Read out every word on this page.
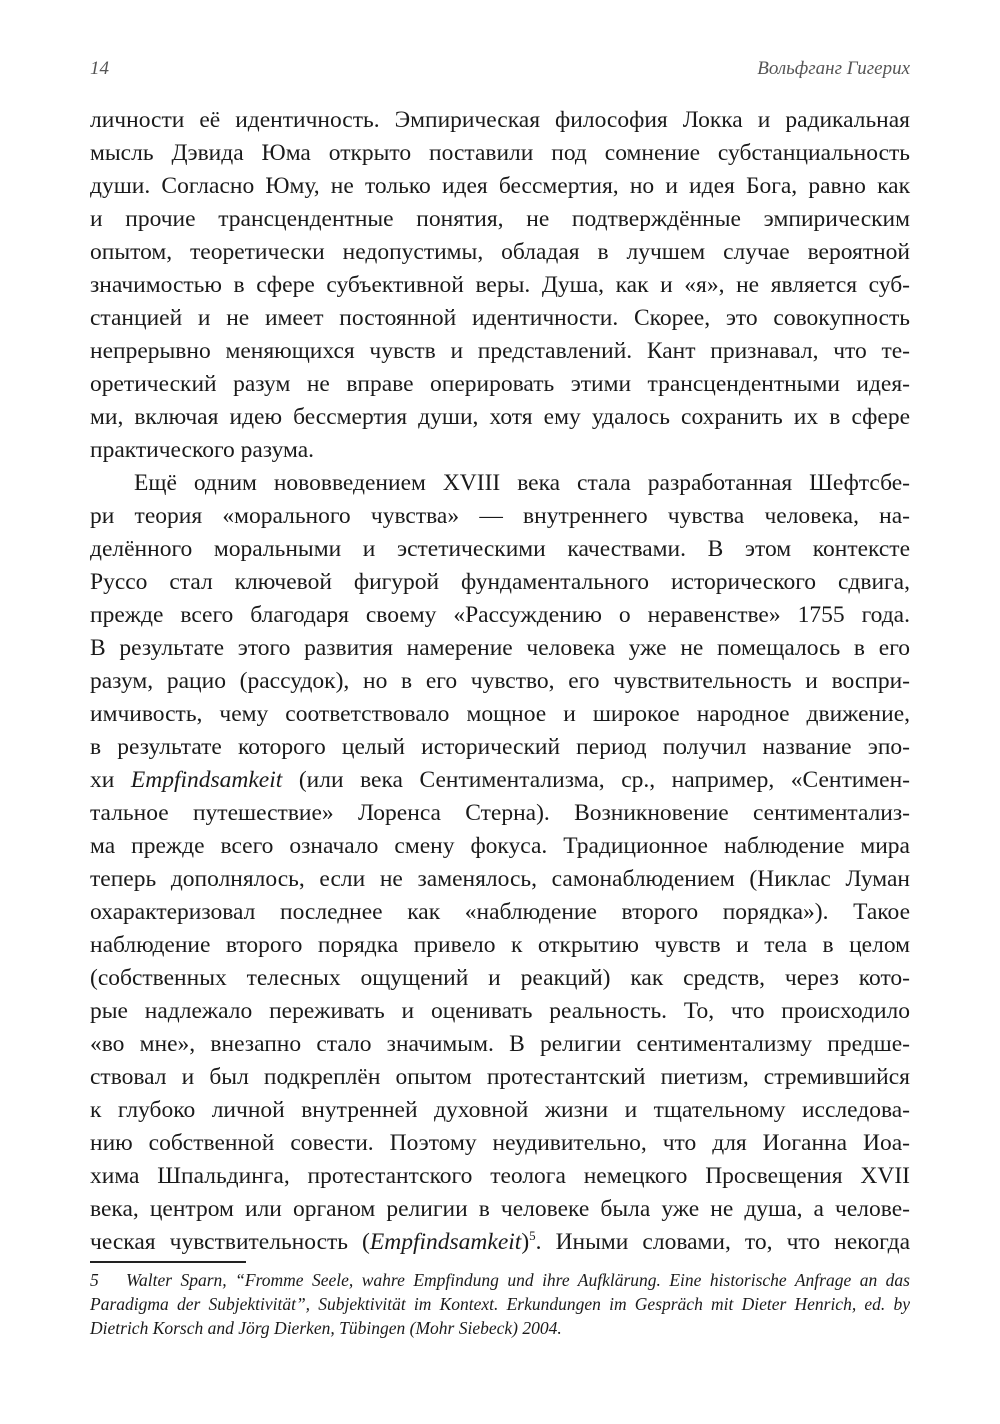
14	Вольфганг Гигерих
личности её идентичность. Эмпирическая философия Локка и радикальная
мысль Дэвида Юма открыто поставили под сомнение субстанциальность
души. Согласно Юму, не только идея бессмертия, но и идея Бога, равно как
и прочие трансцендентные понятия, не подтверждённые эмпирическим
опытом, теоретически недопустимы, обладая в лучшем случае вероятной
значимостью в сфере субъективной веры. Душа, как и «я», не является суб-
станцией и не имеет постоянной идентичности. Скорее, это совокупность
непрерывно меняющихся чувств и представлений. Кант признавал, что те-
оретический разум не вправе оперировать этими трансцендентными идея-
ми, включая идею бессмертия души, хотя ему удалось сохранить их в сфере
практического разума.
Ещё одним нововведением XVIII века стала разработанная Шефтсбе-
ри теория «морального чувства» — внутреннего чувства человека, на-
делённого моральными и эстетическими качествами. В этом контексте
Руссо стал ключевой фигурой фундаментального исторического сдвига,
прежде всего благодаря своему «Рассуждению о неравенстве» 1755 года.
В результате этого развития намерение человека уже не помещалось в его
разум, рацио (рассудок), но в его чувство, его чувствительность и воспри-
имчивость, чему соответствовало мощное и широкое народное движение,
в результате которого целый исторический период получил название эпо-
хи Empfindsamkeit (или века Сентиментализма, ср., например, «Сентимен-
тальное путешествие» Лоренса Стерна). Возникновение сентиментализ-
ма прежде всего означало смену фокуса. Традиционное наблюдение мира
теперь дополнялось, если не заменялось, самонаблюдением (Никлас Луман
охарактеризовал последнее как «наблюдение второго порядка»). Такое
наблюдение второго порядка привело к открытию чувств и тела в целом
(собственных телесных ощущений и реакций) как средств, через кото-
рые надлежало переживать и оценивать реальность. То, что происходило
«во мне», внезапно стало значимым. В религии сентиментализму предше-
ствовал и был подкреплён опытом протестантский пиетизм, стремившийся
к глубоко личной внутренней духовной жизни и тщательному исследова-
нию собственной совести. Поэтому неудивительно, что для Иоганна Иоа-
хима Шпальдинга, протестантского теолога немецкого Просвещения XVII
века, центром или органом религии в человеке была уже не душа, а челове-
ческая чувствительность (Empfindsamkeit)$^5$. Иными словами, то, что некогда
5 Walter Sparn, “Fromme Seele, wahre Empfindung und ihre Aufklärung. Eine historische Anfrage an das
Paradigma der Subjektivität”, Subjektivität im Kontext. Erkundungen im Gespräch mit Dieter Henrich, ed. by
Dietrich Korsch and Jörg Dierken, Tübingen (Mohr Siebeck) 2004.
